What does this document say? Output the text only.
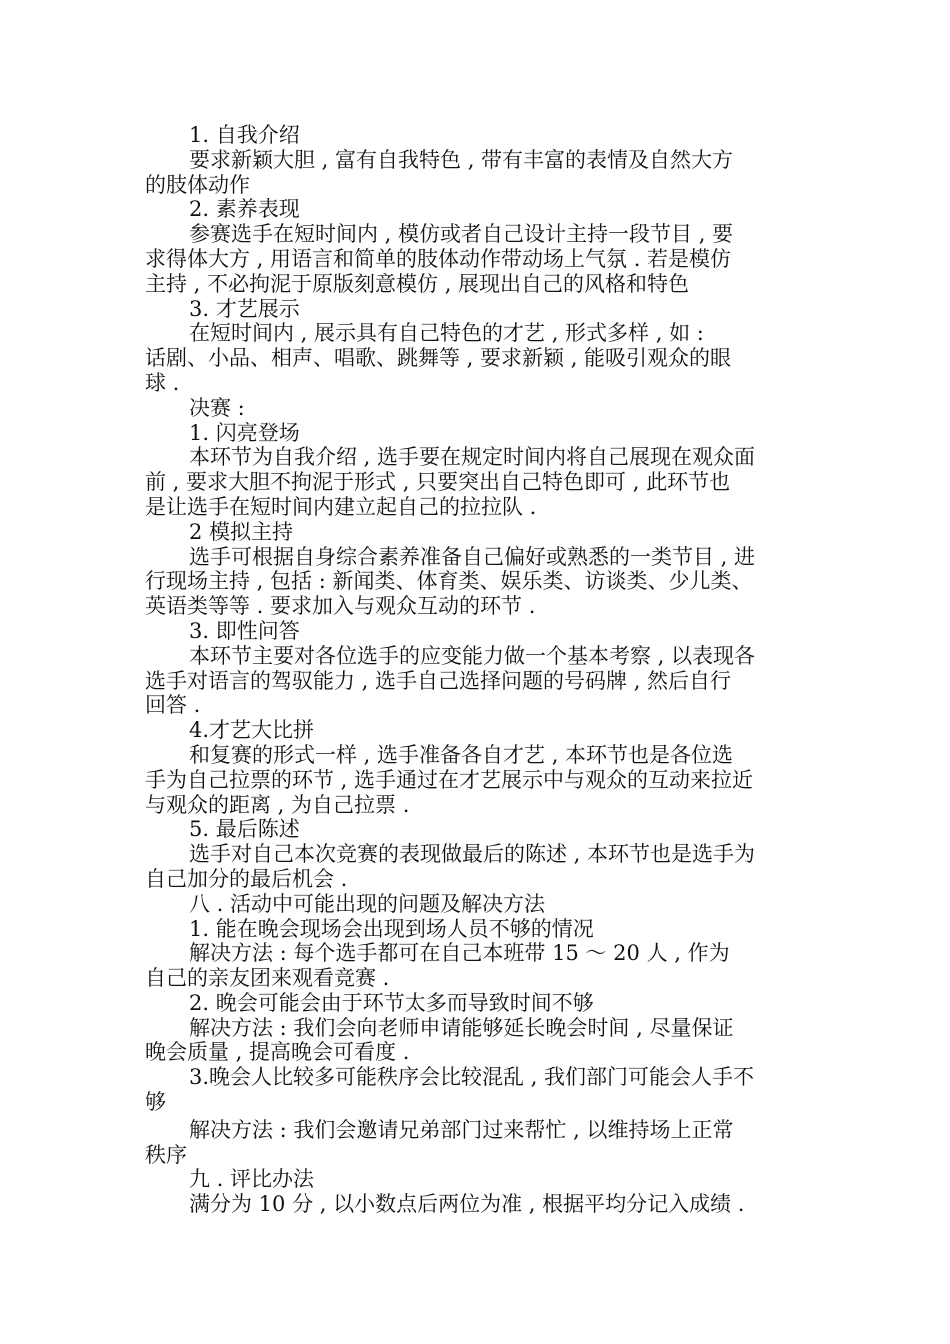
1. 自我介绍
要求新颖大胆 , 富有自我特色 , 带有丰富的表情及自然大方
的肢体动作
2. 素养表现
参赛选手在短时间内 , 模仿或者自己设计主持一段节目 , 要
求得体大方 , 用语言和简单的肢体动作带动场上气氛 . 若是模仿
主持 , 不必拘泥于原版刻意模仿 , 展现出自己的风格和特色
3. 才艺展示
在短时间内 , 展示具有自己特色的才艺 , 形式多样 , 如 :
话剧、小品、相声、唱歌、跳舞等 , 要求新颖 , 能吸引观众的眼
球 .
决赛 :
1. 闪亮登场
本环节为自我介绍 , 选手要在规定时间内将自己展现在观众面
前 , 要求大胆不拘泥于形式 , 只要突出自己特色即可 , 此环节也
是让选手在短时间内建立起自己的拉拉队 .
2 模拟主持
选手可根据自身综合素养准备自己偏好或熟悉的一类节目 , 进
行现场主持 , 包括 : 新闻类、体育类、娱乐类、访谈类、少儿类、
英语类等等 . 要求加入与观众互动的环节 .
3. 即性问答
本环节主要对各位选手的应变能力做一个基本考察 , 以表现各
选手对语言的驾驭能力 , 选手自己选择问题的号码牌 , 然后自行
回答 .
4.才艺大比拼
和复赛的形式一样 , 选手准备各自才艺 , 本环节也是各位选
手为自己拉票的环节 , 选手通过在才艺展示中与观众的互动来拉近
与观众的距离 , 为自己拉票 .
5. 最后陈述
选手对自己本次竞赛的表现做最后的陈述 , 本环节也是选手为
自己加分的最后机会 .
八 . 活动中可能出现的问题及解决方法
1. 能在晚会现场会出现到场人员不够的情况
解决方法 : 每个选手都可在自己本班带 15 ～ 20 人 , 作为
自己的亲友团来观看竞赛 .
2. 晚会可能会由于环节太多而导致时间不够
解决方法 : 我们会向老师申请能够延长晚会时间 , 尽量保证
晚会质量 , 提高晚会可看度 .
3.晚会人比较多可能秩序会比较混乱 , 我们部门可能会人手不
够
解决方法 : 我们会邀请兄弟部门过来帮忙 , 以维持场上正常
秩序
九 . 评比办法
满分为 10 分 , 以小数点后两位为准 , 根据平均分记入成绩 .
